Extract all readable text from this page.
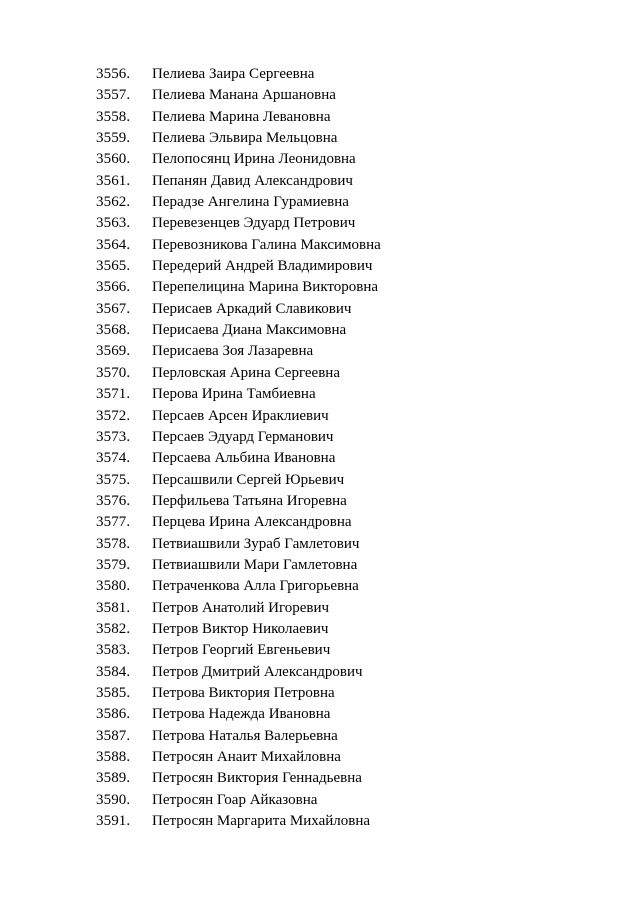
3556.	Пелиева Заира Сергеевна
3557.	Пелиева Манана Аршановна
3558.	Пелиева Марина Левановна
3559.	Пелиева Эльвира Мельцовна
3560.	Пелопосянц Ирина Леонидовна
3561.	Пепанян Давид Александрович
3562.	Перадзе Ангелина Гурамиевна
3563.	Перевезенцев Эдуард Петрович
3564.	Перевозникова Галина Максимовна
3565.	Передерий Андрей Владимирович
3566.	Перепелицина Марина Викторовна
3567.	Перисаев Аркадий Славикович
3568.	Перисаева Диана Максимовна
3569.	Перисаева Зоя Лазаревна
3570.	Перловская Арина Сергеевна
3571.	Перова Ирина Тамбиевна
3572.	Персаев Арсен Ираклиевич
3573.	Персаев Эдуард Германович
3574.	Персаева Альбина Ивановна
3575.	Персашвили Сергей Юрьевич
3576.	Перфильева Татьяна Игоревна
3577.	Перцева Ирина Александровна
3578.	Петвиашвили Зураб Гамлетович
3579.	Петвиашвили Мари Гамлетовна
3580.	Петраченкова Алла Григорьевна
3581.	Петров Анатолий Игоревич
3582.	Петров Виктор Николаевич
3583.	Петров Георгий Евгеньевич
3584.	Петров Дмитрий Александрович
3585.	Петрова Виктория Петровна
3586.	Петрова Надежда Ивановна
3587.	Петрова Наталья Валерьевна
3588.	Петросян Анаит Михайловна
3589.	Петросян Виктория Геннадьевна
3590.	Петросян Гоар Айказовна
3591.	Петросян Маргарита Михайловна
